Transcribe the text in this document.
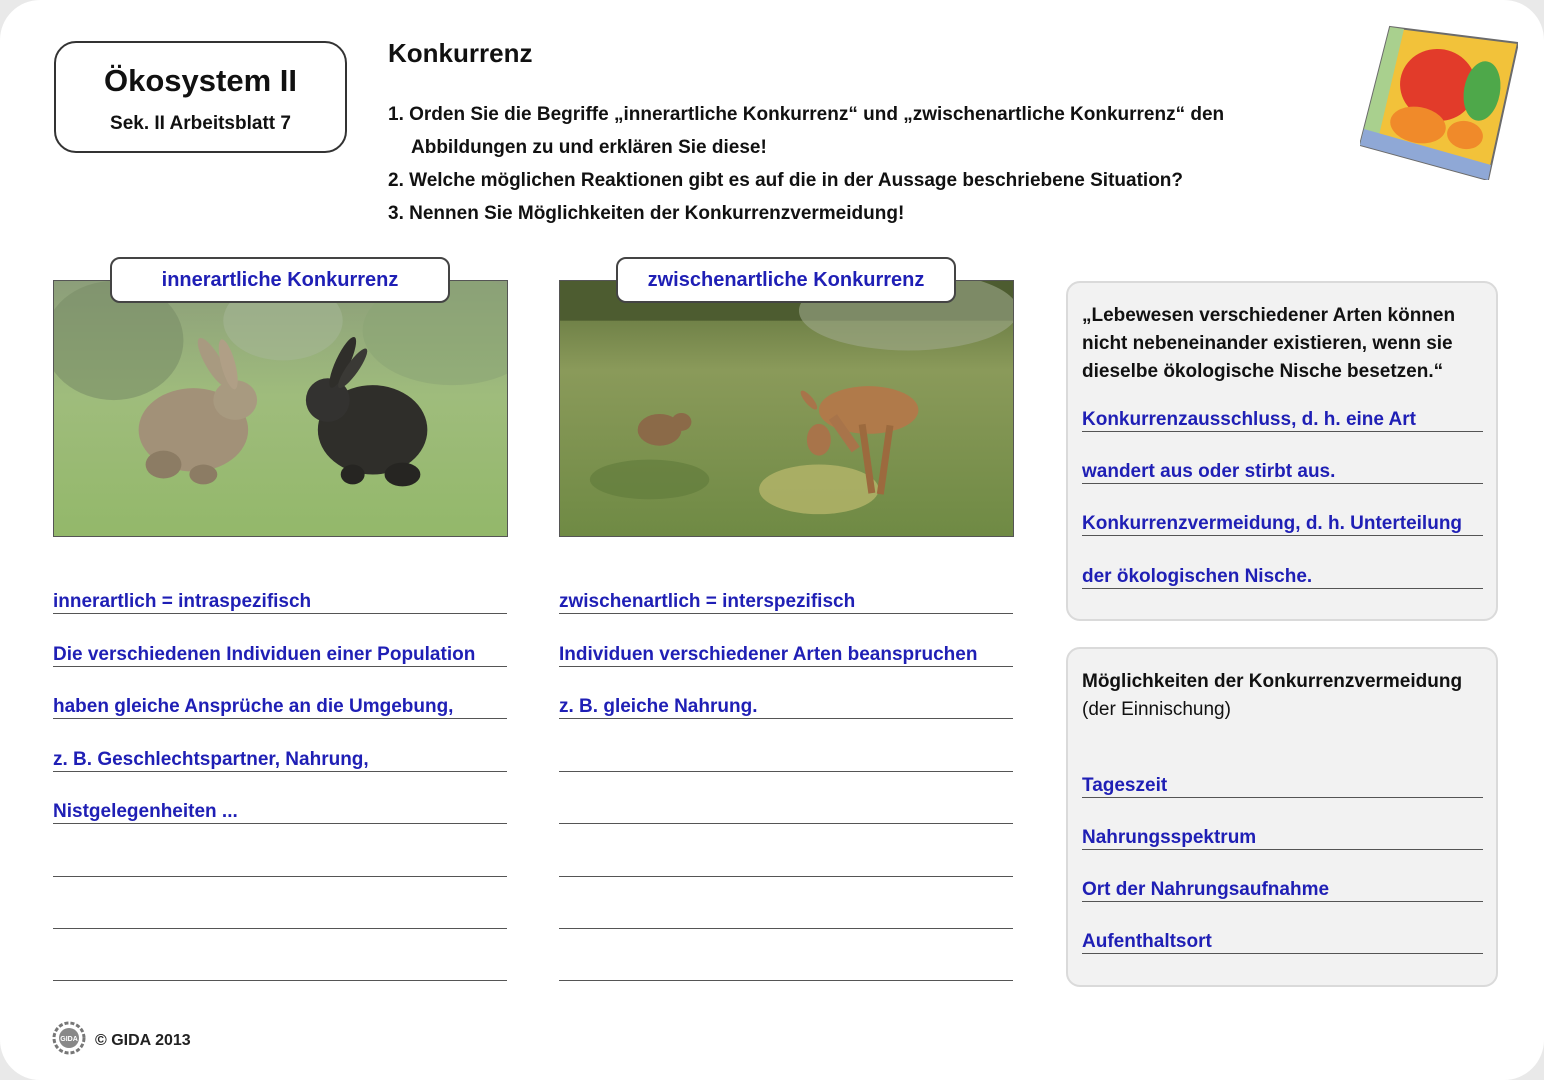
Ökosystem II
Sek. II Arbeitsblatt 7
Konkurrenz
1. Orden Sie die Begriffe „innerartliche Konkurrenz“ und „zwischenartliche Konkurrenz“ den Abbildungen zu und erklären Sie diese!
2. Welche möglichen Reaktionen gibt es auf die in der Aussage beschriebene Situation?
3. Nennen Sie Möglichkeiten der Konkurrenzvermeidung!
innerartliche Konkurrenz	zwischenartliche Konkurrenz
innerartlich = intraspezifisch
Die verschiedenen Individuen einer Population
haben gleiche Ansprüche an die Umgebung,
z. B. Geschlechtspartner, Nahrung,
Nistgelegenheiten ...
zwischenartlich = interspezifisch
Individuen verschiedener Arten beanspruchen
z. B. gleiche Nahrung.
„Lebewesen verschiedener Arten können nicht nebeneinander existieren, wenn sie dieselbe ökologische Nische besetzen.“
Konkurrenzausschluss, d. h. eine Art
wandert aus oder stirbt aus.
Konkurrenzvermeidung, d. h. Unterteilung
der ökologischen Nische.
Möglichkeiten der Konkurrenzvermeidung
(der Einnischung)
Tageszeit
Nahrungsspektrum
Ort der Nahrungsaufnahme
Aufenthaltsort
GIDA © GIDA 2013
